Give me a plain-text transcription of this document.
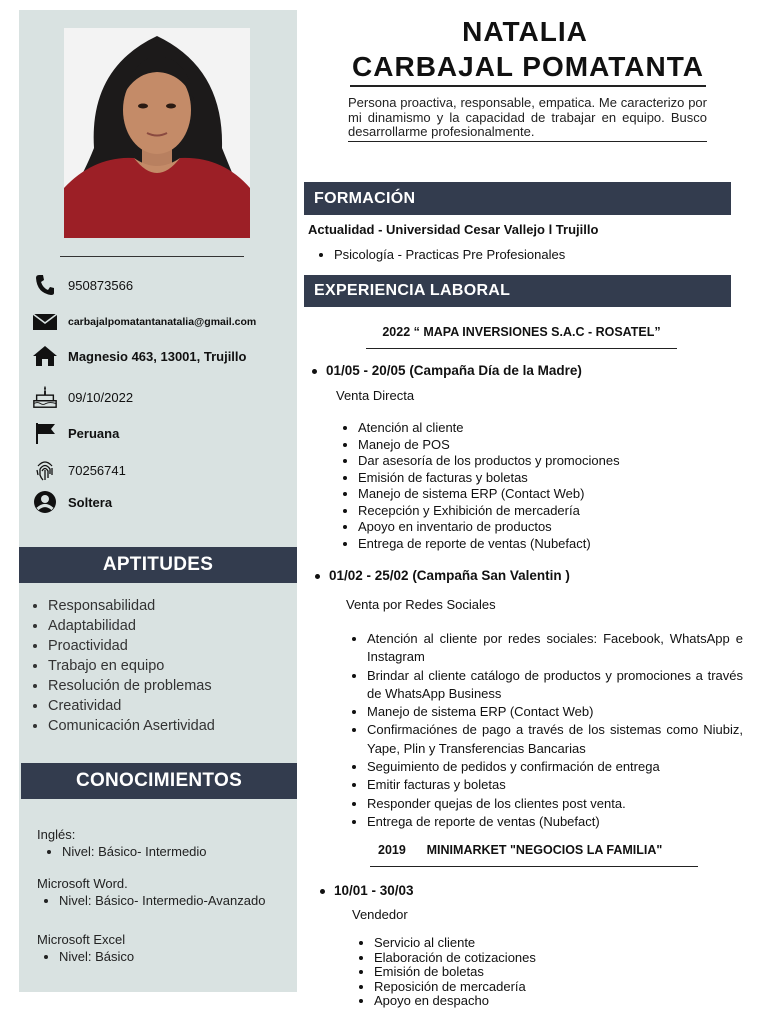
950873566
carbajalpomatantanatalia@gmail.com
Magnesio 463, 13001, Trujillo
09/10/2022
Peruana
70256741
Soltera
APTITUDES
• Responsabilidad
• Adaptabilidad
• Proactividad
• Trabajo en equipo
• Resolución de problemas
• Creatividad
• Comunicación Asertividad
CONOCIMIENTOS
Inglés:
• Nivel: Básico- Intermedio
Microsoft Word.
• Nivel: Básico- Intermedio-Avanzado
Microsoft Excel
• Nivel: Básico
NATALIA
CARBAJAL POMATANTA
Persona proactiva, responsable, empatica. Me caracterizo por mi dinamismo y la capacidad de trabajar en equipo. Busco desarrollarme profesionalmente.
FORMACIÓN
Actualidad - Universidad Cesar Vallejo l Trujillo
• Psicología - Practicas Pre Profesionales
EXPERIENCIA LABORAL
2022 “ MAPA INVERSIONES S.A.C - ROSATEL”
01/05 - 20/05 (Campaña Día de la Madre)
Venta Directa
• Atención al cliente
• Manejo de POS
• Dar asesoría de los productos y promociones
• Emisión de facturas y boletas
• Manejo de sistema ERP (Contact Web)
• Recepción y Exhibición de mercadería
• Apoyo en inventario de productos
• Entrega de reporte de ventas (Nubefact)
01/02 - 25/02 (Campaña San Valentin )
Venta por Redes Sociales
• Atención al cliente por redes sociales: Facebook, WhatsApp e Instagram
• Brindar al cliente catálogo de productos y promociones a través de WhatsApp Business
• Manejo de sistema ERP (Contact Web)
• Confirmaciónes de pago a través de los sistemas como Niubiz, Yape, Plin y Transferencias Bancarias
• Seguimiento de pedidos y confirmación de entrega
• Emitir facturas y boletas
• Responder quejas de los clientes post venta.
• Entrega de reporte de ventas (Nubefact)
2019      MINIMARKET "NEGOCIOS LA FAMILIA"
10/01 - 30/03
Vendedor
• Servicio al cliente
• Elaboración de cotizaciones
• Emisión de boletas
• Reposición de mercadería
• Apoyo en despacho
